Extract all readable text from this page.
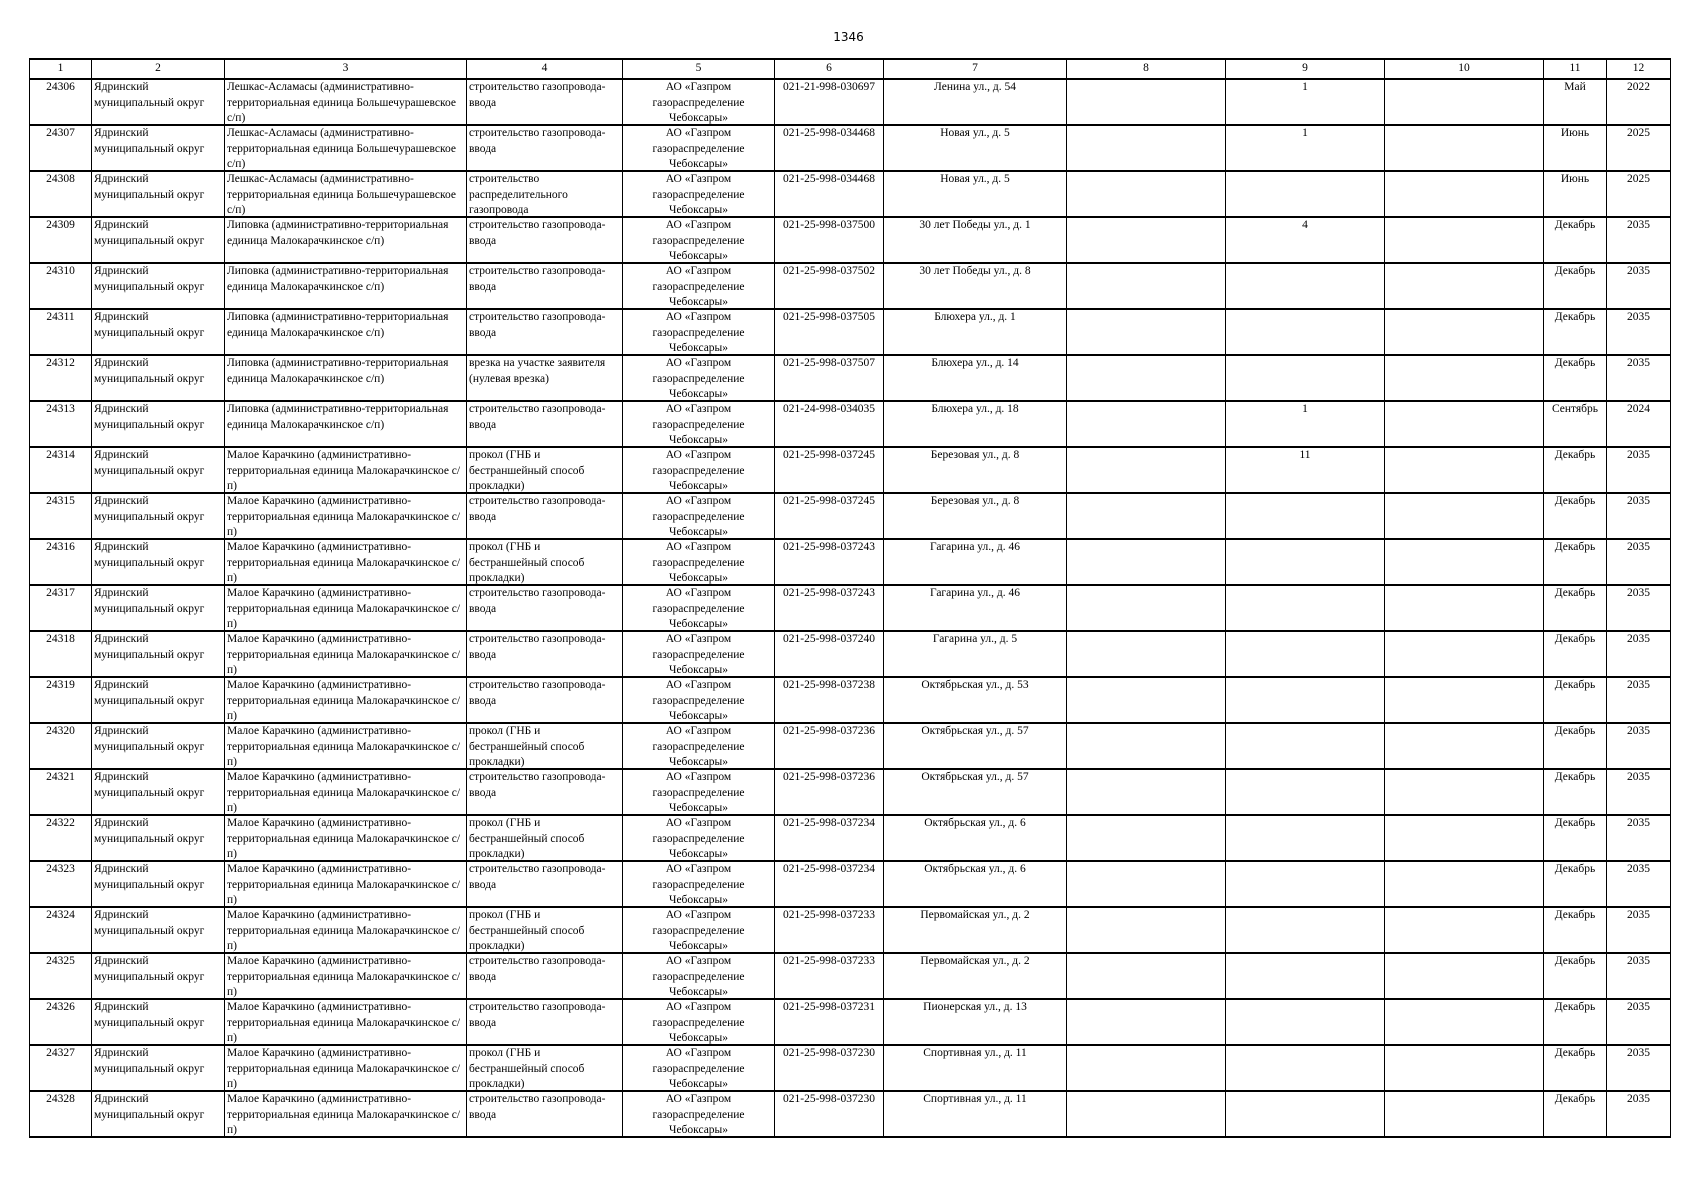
1346
1	2	3	4	5	6	7	8	9	10	11	12

24306	Ядринский муниципальный округ	Лешкас-Асламасы (административно-территориальная единица Большечурашевское с/п)	строительство газопровода-ввода	АО «Газпром газораспределение Чебоксары»	021-21-998-030697	Ленина ул., д. 54		1		Май	2022

24307	Ядринский муниципальный округ	Лешкас-Асламасы (административно-территориальная единица Большечурашевское с/п)	строительство газопровода-ввода	АО «Газпром газораспределение Чебоксары»	021-25-998-034468	Новая ул., д. 5		1		Июнь	2025

24308	Ядринский муниципальный округ	Лешкас-Асламасы (административно-территориальная единица Большечурашевское с/п)	строительство распределительного газопровода	АО «Газпром газораспределение Чебоксары»	021-25-998-034468	Новая ул., д. 5				Июнь	2025

24309	Ядринский муниципальный округ	Липовка (административно-территориальная единица Малокарачкинское с/п)	строительство газопровода-ввода	АО «Газпром газораспределение Чебоксары»	021-25-998-037500	30 лет Победы ул., д. 1		4		Декабрь	2035

24310	Ядринский муниципальный округ	Липовка (административно-территориальная единица Малокарачкинское с/п)	строительство газопровода-ввода	АО «Газпром газораспределение Чебоксары»	021-25-998-037502	30 лет Победы ул., д. 8				Декабрь	2035

24311	Ядринский муниципальный округ	Липовка (административно-территориальная единица Малокарачкинское с/п)	строительство газопровода-ввода	АО «Газпром газораспределение Чебоксары»	021-25-998-037505	Блюхера ул., д. 1				Декабрь	2035

24312	Ядринский муниципальный округ	Липовка (административно-территориальная единица Малокарачкинское с/п)	врезка на участке заявителя (нулевая врезка)	АО «Газпром газораспределение Чебоксары»	021-25-998-037507	Блюхера ул., д. 14				Декабрь	2035

24313	Ядринский муниципальный округ	Липовка (административно-территориальная единица Малокарачкинское с/п)	строительство газопровода-ввода	АО «Газпром газораспределение Чебоксары»	021-24-998-034035	Блюхера ул., д. 18		1		Сентябрь	2024

24314	Ядринский муниципальный округ	Малое Карачкино (административно-территориальная единица Малокарачкинское с/п)	прокол (ГНБ и бестраншейный способ прокладки)	АО «Газпром газораспределение Чебоксары»	021-25-998-037245	Березовая ул., д. 8		11		Декабрь	2035

24315	Ядринский муниципальный округ	Малое Карачкино (административно-территориальная единица Малокарачкинское с/п)	строительство газопровода-ввода	АО «Газпром газораспределение Чебоксары»	021-25-998-037245	Березовая ул., д. 8				Декабрь	2035

24316	Ядринский муниципальный округ	Малое Карачкино (административно-территориальная единица Малокарачкинское с/п)	прокол (ГНБ и бестраншейный способ прокладки)	АО «Газпром газораспределение Чебоксары»	021-25-998-037243	Гагарина ул., д. 46				Декабрь	2035

24317	Ядринский муниципальный округ	Малое Карачкино (административно-территориальная единица Малокарачкинское с/п)	строительство газопровода-ввода	АО «Газпром газораспределение Чебоксары»	021-25-998-037243	Гагарина ул., д. 46				Декабрь	2035

24318	Ядринский муниципальный округ	Малое Карачкино (административно-территориальная единица Малокарачкинское с/п)	строительство газопровода-ввода	АО «Газпром газораспределение Чебоксары»	021-25-998-037240	Гагарина ул., д. 5				Декабрь	2035

24319	Ядринский муниципальный округ	Малое Карачкино (административно-территориальная единица Малокарачкинское с/п)	строительство газопровода-ввода	АО «Газпром газораспределение Чебоксары»	021-25-998-037238	Октябрьская ул., д. 53				Декабрь	2035

24320	Ядринский муниципальный округ	Малое Карачкино (административно-территориальная единица Малокарачкинское с/п)	прокол (ГНБ и бестраншейный способ прокладки)	АО «Газпром газораспределение Чебоксары»	021-25-998-037236	Октябрьская ул., д. 57				Декабрь	2035

24321	Ядринский муниципальный округ	Малое Карачкино (административно-территориальная единица Малокарачкинское с/п)	строительство газопровода-ввода	АО «Газпром газораспределение Чебоксары»	021-25-998-037236	Октябрьская ул., д. 57				Декабрь	2035

24322	Ядринский муниципальный округ	Малое Карачкино (административно-территориальная единица Малокарачкинское с/п)	прокол (ГНБ и бестраншейный способ прокладки)	АО «Газпром газораспределение Чебоксары»	021-25-998-037234	Октябрьская ул., д. 6				Декабрь	2035

24323	Ядринский муниципальный округ	Малое Карачкино (административно-территориальная единица Малокарачкинское с/п)	строительство газопровода-ввода	АО «Газпром газораспределение Чебоксары»	021-25-998-037234	Октябрьская ул., д. 6				Декабрь	2035

24324	Ядринский муниципальный округ	Малое Карачкино (административно-территориальная единица Малокарачкинское с/п)	прокол (ГНБ и бестраншейный способ прокладки)	АО «Газпром газораспределение Чебоксары»	021-25-998-037233	Первомайская ул., д. 2				Декабрь	2035

24325	Ядринский муниципальный округ	Малое Карачкино (административно-территориальная единица Малокарачкинское с/п)	строительство газопровода-ввода	АО «Газпром газораспределение Чебоксары»	021-25-998-037233	Первомайская ул., д. 2				Декабрь	2035

24326	Ядринский муниципальный округ	Малое Карачкино (административно-территориальная единица Малокарачкинское с/п)	строительство газопровода-ввода	АО «Газпром газораспределение Чебоксары»	021-25-998-037231	Пионерская ул., д. 13				Декабрь	2035

24327	Ядринский муниципальный округ	Малое Карачкино (административно-территориальная единица Малокарачкинское с/п)	прокол (ГНБ и бестраншейный способ прокладки)	АО «Газпром газораспределение Чебоксары»	021-25-998-037230	Спортивная ул., д. 11				Декабрь	2035

24328	Ядринский муниципальный округ	Малое Карачкино (административно-территориальная единица Малокарачкинское с/п)	строительство газопровода-ввода	АО «Газпром газораспределение Чебоксары»	021-25-998-037230	Спортивная ул., д. 11				Декабрь	2035
